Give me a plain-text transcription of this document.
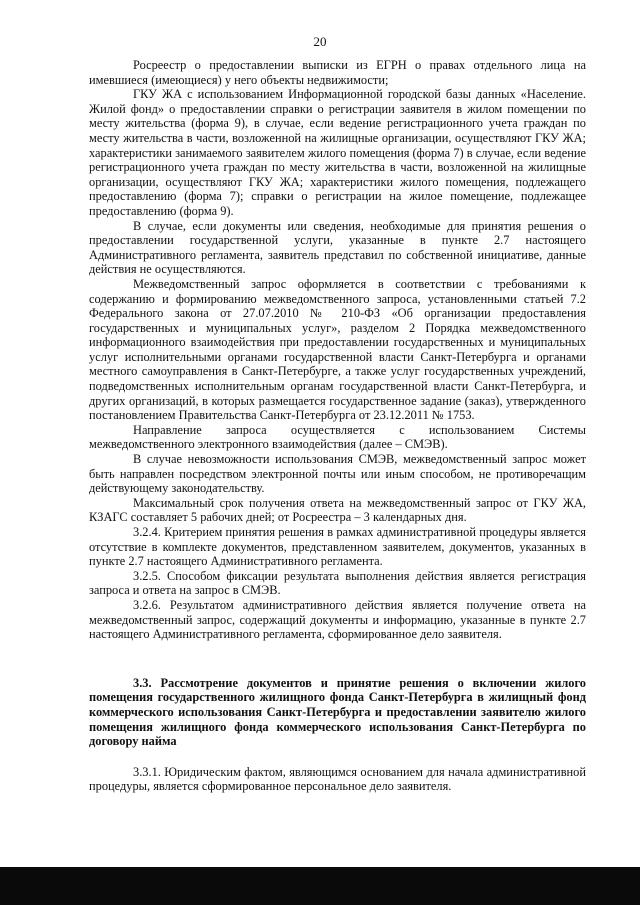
20

Росреестр о предоставлении выписки из ЕГРН о правах отдельного лица на имевшиеся (имеющиеся) у него объекты недвижимости;

ГКУ ЖА с использованием Информационной городской базы данных «Население. Жилой фонд» о предоставлении справки о регистрации заявителя в жилом помещении по месту жительства (форма 9), в случае, если ведение регистрационного учета граждан по месту жительства в части, возложенной на жилищные организации, осуществляют ГКУ ЖА; характеристики занимаемого заявителем жилого помещения (форма 7) в случае, если ведение регистрационного учета граждан по месту жительства в части, возложенной на жилищные организации, осуществляют ГКУ ЖА; характеристики жилого помещения, подлежащего предоставлению (форма 7); справки о регистрации на жилое помещение, подлежащее предоставлению (форма 9).

В случае, если документы или сведения, необходимые для принятия решения о предоставлении государственной услуги, указанные в пункте 2.7 настоящего Административного регламента, заявитель представил по собственной инициативе, данные действия не осуществляются.

Межведомственный запрос оформляется в соответствии с требованиями к содержанию и формированию межведомственного запроса, установленными статьей 7.2 Федерального закона от 27.07.2010 № 210-ФЗ «Об организации предоставления государственных и муниципальных услуг», разделом 2 Порядка межведомственного информационного взаимодействия при предоставлении государственных и муниципальных услуг исполнительными органами государственной власти Санкт-Петербурга и органами местного самоуправления в Санкт-Петербурге, а также услуг государственных учреждений, подведомственных исполнительным органам государственной власти Санкт-Петербурга, и других организаций, в которых размещается государственное задание (заказ), утвержденного постановлением Правительства Санкт-Петербурга от 23.12.2011 № 1753.

Направление запроса осуществляется с использованием Системы межведомственного электронного взаимодействия (далее – СМЭВ).

В случае невозможности использования СМЭВ, межведомственный запрос может быть направлен посредством электронной почты или иным способом, не противоречащим действующему законодательству.

Максимальный срок получения ответа на межведомственный запрос от ГКУ ЖА, КЗАГС составляет 5 рабочих дней; от Росреестра – 3 календарных дня.

3.2.4. Критерием принятия решения в рамках административной процедуры является отсутствие в комплекте документов, представленном заявителем, документов, указанных в пункте 2.7 настоящего Административного регламента.

3.2.5. Способом фиксации результата выполнения действия является регистрация запроса и ответа на запрос в СМЭВ.

3.2.6. Результатом административного действия является получение ответа на межведомственный запрос, содержащий документы и информацию, указанные в пункте 2.7 настоящего Административного регламента, сформированное дело заявителя.

3.3. Рассмотрение документов и принятие решения о включении жилого помещения государственного жилищного фонда Санкт-Петербурга в жилищный фонд коммерческого использования Санкт-Петербурга и предоставлении заявителю жилого помещения жилищного фонда коммерческого использования Санкт-Петербурга по договору найма

3.3.1. Юридическим фактом, являющимся основанием для начала административной процедуры, является сформированное персональное дело заявителя.
